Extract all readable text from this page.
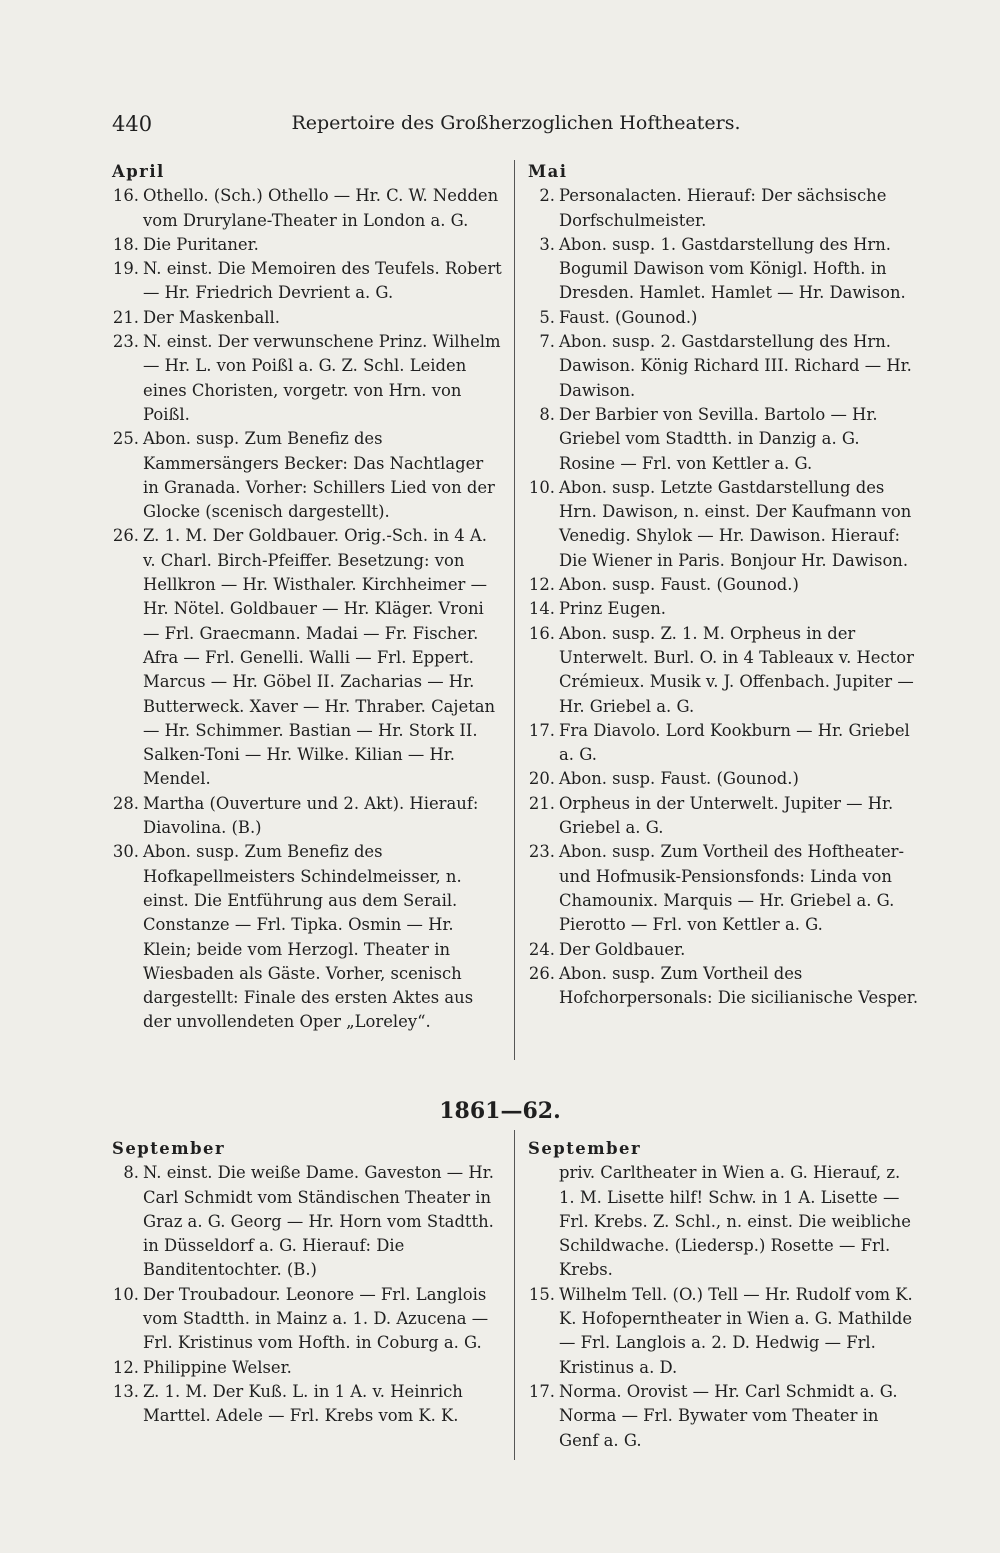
440	Repertoire des Großherzoglichen Hoftheaters.
April
16. Othello. (Sch.) Othello — Hr. C. W. Nedden vom Drurylane-Theater in London a. G.
18. Die Puritaner.
19. N. einst. Die Memoiren des Teufels. Robert — Hr. Friedrich Devrient a. G.
21. Der Maskenball.
23. N. einst. Der verwunschene Prinz. Wilhelm — Hr. L. von Poißl a. G. Z. Schl. Leiden eines Choristen, vorgetr. von Hrn. von Poißl.
25. Abon. susp. Zum Benefiz des Kammersängers Becker: Das Nachtlager in Granada. Vorher: Schillers Lied von der Glocke (scenisch dargestellt).
26. Z. 1. M. Der Goldbauer. Orig.-Sch. in 4 A. v. Charl. Birch-Pfeiffer. Besetzung: von Hellkron — Hr. Wisthaler. Kirchheimer — Hr. Nötel. Goldbauer — Hr. Kläger. Vroni — Frl. Graecmann. Madai — Fr. Fischer. Afra — Frl. Genelli. Walli — Frl. Eppert. Marcus — Hr. Göbel II. Zacharias — Hr. Butterweck. Xaver — Hr. Thraber. Cajetan — Hr. Schimmer. Bastian — Hr. Stork II. Salken-Toni — Hr. Wilke. Kilian — Hr. Mendel.
28. Martha (Ouverture und 2. Akt). Hierauf: Diavolina. (B.)
30. Abon. susp. Zum Benefiz des Hofkapellmeisters Schindelmeisser, n. einst. Die Entführung aus dem Serail. Constanze — Frl. Tipka. Osmin — Hr. Klein; beide vom Herzogl. Theater in Wiesbaden als Gäste. Vorher, scenisch dargestellt: Finale des ersten Aktes aus der unvollendeten Oper „Loreley“.
Mai
2. Personalacten. Hierauf: Der sächsische Dorfschulmeister.
3. Abon. susp. 1. Gastdarstellung des Hrn. Bogumil Dawison vom Königl. Hofth. in Dresden. Hamlet. Hamlet — Hr. Dawison.
5. Faust. (Gounod.)
7. Abon. susp. 2. Gastdarstellung des Hrn. Dawison. König Richard III. Richard — Hr. Dawison.
8. Der Barbier von Sevilla. Bartolo — Hr. Griebel vom Stadtth. in Danzig a. G. Rosine — Frl. von Kettler a. G.
10. Abon. susp. Letzte Gastdarstellung des Hrn. Dawison, n. einst. Der Kaufmann von Venedig. Shylok — Hr. Dawison. Hierauf: Die Wiener in Paris. Bonjour Hr. Dawison.
12. Abon. susp. Faust. (Gounod.)
14. Prinz Eugen.
16. Abon. susp. Z. 1. M. Orpheus in der Unterwelt. Burl. O. in 4 Tableaux v. Hector Crémieux. Musik v. J. Offenbach. Jupiter — Hr. Griebel a. G.
17. Fra Diavolo. Lord Kookburn — Hr. Griebel a. G.
20. Abon. susp. Faust. (Gounod.)
21. Orpheus in der Unterwelt. Jupiter — Hr. Griebel a. G.
23. Abon. susp. Zum Vortheil des Hoftheater- und Hofmusik-Pensionsfonds: Linda von Chamounix. Marquis — Hr. Griebel a. G. Pierotto — Frl. von Kettler a. G.
24. Der Goldbauer.
26. Abon. susp. Zum Vortheil des Hofchorpersonals: Die sicilianische Vesper.
1861—62.
September
8. N. einst. Die weiße Dame. Gaveston — Hr. Carl Schmidt vom Ständischen Theater in Graz a. G. Georg — Hr. Horn vom Stadtth. in Düsseldorf a. G. Hierauf: Die Banditentochter. (B.)
10. Der Troubadour. Leonore — Frl. Langlois vom Stadtth. in Mainz a. 1. D. Azucena — Frl. Kristinus vom Hofth. in Coburg a. G.
12. Philippine Welser.
13. Z. 1. M. Der Kuß. L. in 1 A. v. Heinrich Marttel. Adele — Frl. Krebs vom K. K.
September
priv. Carltheater in Wien a. G. Hierauf, z. 1. M. Lisette hilf! Schw. in 1 A. Lisette — Frl. Krebs. Z. Schl., n. einst. Die weibliche Schildwache. (Liedersp.) Rosette — Frl. Krebs.
15. Wilhelm Tell. (O.) Tell — Hr. Rudolf vom K. K. Hofoperntheater in Wien a. G. Mathilde — Frl. Langlois a. 2. D. Hedwig — Frl. Kristinus a. D.
17. Norma. Orovist — Hr. Carl Schmidt a. G. Norma — Frl. Bywater vom Theater in Genf a. G.
